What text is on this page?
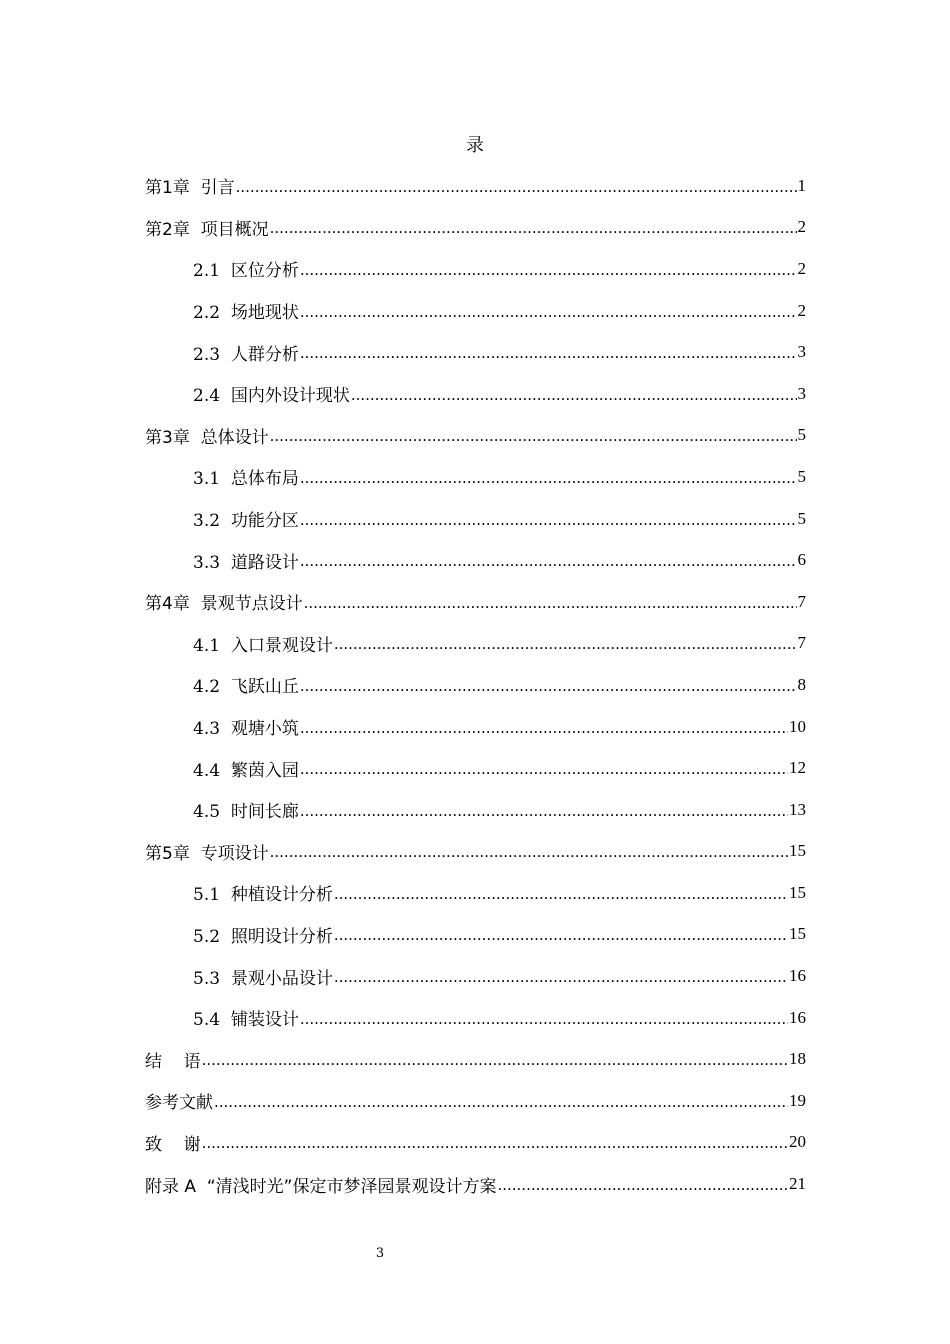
录
第1章  引言 .....	1
第2章  项目概况 .....	2
2.1  区位分析 .....	2
2.2  场地现状 .....	2
2.3  人群分析 .....	3
2.4  国内外设计现状 .....	3
第3章  总体设计 .....	5
3.1  总体布局 .....	5
3.2  功能分区 .....	5
3.3  道路设计 .....	6
第4章  景观节点设计 .....	7
4.1  入口景观设计 .....	7
4.2  飞跃山丘 .....	8
4.3  观塘小筑 .....	10
4.4  繁茵入园 .....	12
4.5  时间长廊 .....	13
第5章  专项设计 .....	15
5.1  种植设计分析 .....	15
5.2  照明设计分析 .....	15
5.3  景观小品设计 .....	16
5.4  铺装设计 .....	16
结    语 .....	18
参考文献 .....	19
致    谢 .....	20
附录 A  “清浅时光”保定市梦泽园景观设计方案 .....	21
3
